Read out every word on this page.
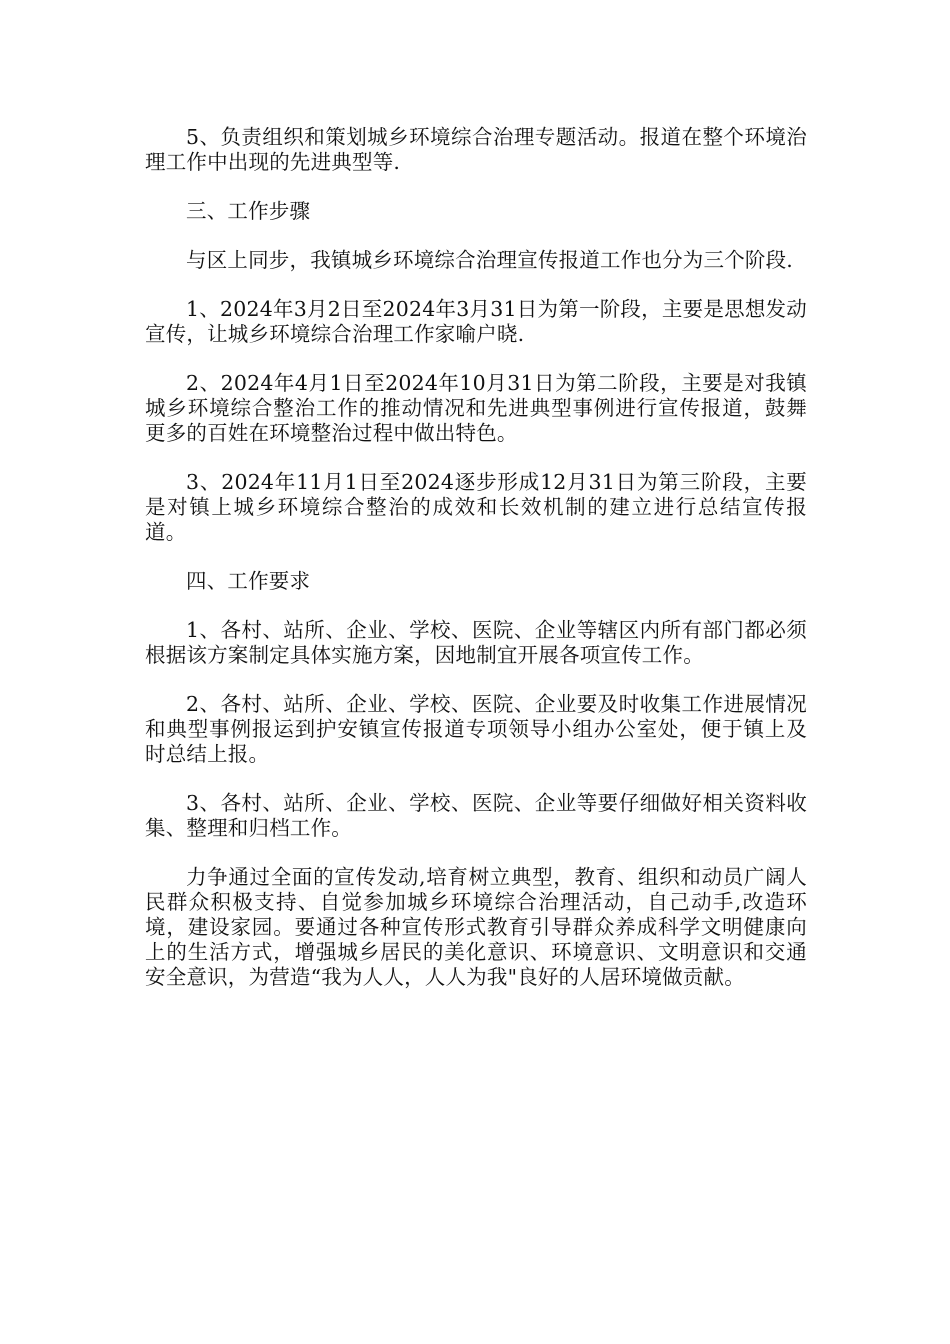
5、负责组织和策划城乡环境综合治理专题活动。报道在整个环境治理工作中出现的先进典型等.

三、工作步骤

与区上同步，我镇城乡环境综合治理宣传报道工作也分为三个阶段.

1、2024年3月2日至2024年3月31日为第一阶段，主要是思想发动宣传，让城乡环境综合治理工作家喻户晓.

2、2024年4月1日至2024年10月31日为第二阶段，主要是对我镇城乡环境综合整治工作的推动情况和先进典型事例进行宣传报道，鼓舞更多的百姓在环境整治过程中做出特色。

3、2024年11月1日至2024逐步形成12月31日为第三阶段，主要是对镇上城乡环境综合整治的成效和长效机制的建立进行总结宣传报道。

四、工作要求

1、各村、站所、企业、学校、医院、企业等辖区内所有部门都必须根据该方案制定具体实施方案，因地制宜开展各项宣传工作。

2、各村、站所、企业、学校、医院、企业要及时收集工作进展情况和典型事例报运到护安镇宣传报道专项领导小组办公室处，便于镇上及时总结上报。

3、各村、站所、企业、学校、医院、企业等要仔细做好相关资料收集、整理和归档工作。

力争通过全面的宣传发动,培育树立典型，教育、组织和动员广阔人民群众积极支持、自觉参加城乡环境综合治理活动，自己动手,改造环境，建设家园。要通过各种宣传形式教育引导群众养成科学文明健康向上的生活方式，增强城乡居民的美化意识、环境意识、文明意识和交通安全意识，为营造“我为人人，人人为我"良好的人居环境做贡献。
